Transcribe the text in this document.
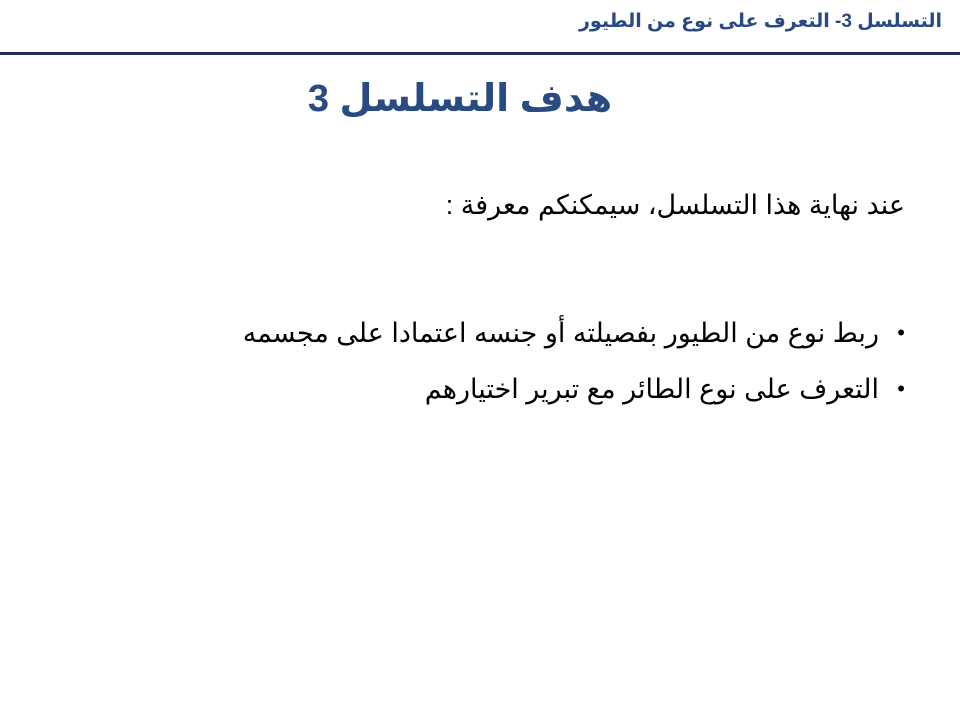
التسلسل 3- التعرف على نوع من الطيور
هدف التسلسل 3
عند نهاية هذا التسلسل، سيمكنكم معرفة :
•
ربط نوع من الطيور بفصيلته أو جنسه اعتمادا على مجسمه
•
التعرف على نوع الطائر مع تبرير اختيارهم
